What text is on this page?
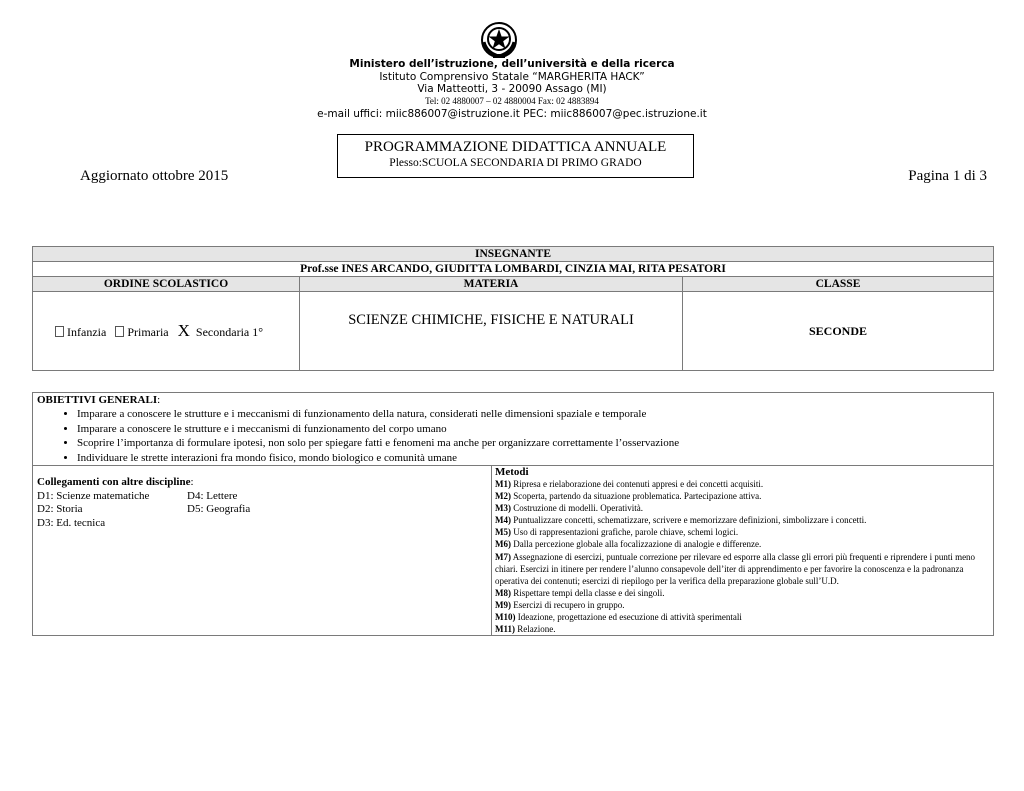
Ministero dell’istruzione, dell’università e della ricerca
Istituto Comprensivo Statale “MARGHERITA HACK”
Via Matteotti, 3 - 20090 Assago (MI)
Tel: 02 4880007 – 02 4880004 Fax: 02 4883894
e-mail uffici: miic886007@istruzione.it PEC: miic886007@pec.istruzione.it
PROGRAMMAZIONE DIDATTICA ANNUALE
Plesso:SCUOLA SECONDARIA DI PRIMO GRADO
Aggiornato ottobre 2015	Pagina 1 di 3
INSEGNANTE		
Prof.sse INES ARCANDO, GIUDITTA LOMBARDI, CINZIA MAI, RITA PESATORI		
ORDINE SCOLASTICO	MATERIA	CLASSE
Infanzia Primaria X Secondaria 1°	SCIENZE CHIMICHE, FISICHE E NATURALI	SECONDE
OBIETTIVI GENERALI:
• Imparare a conoscere le strutture e i meccanismi di funzionamento della natura, considerati nelle dimensioni spaziale e temporale
• Imparare a conoscere le strutture e i meccanismi di funzionamento del corpo umano
• Scoprire l’importanza di formulare ipotesi, non solo per spiegare fatti e fenomeni ma anche per organizzare correttamente l’osservazione
• Individuare le strette interazioni fra mondo fisico, mondo biologico e comunità umane

Collegamenti con altre discipline:
D1: Scienze matematiche	D4: Lettere
D2: Storia	D5: Geografia
D3: Ed. tecnica

Metodi
M1) Ripresa e rielaborazione dei contenuti appresi e dei concetti acquisiti.
M2) Scoperta, partendo da situazione problematica. Partecipazione attiva.
M3) Costruzione di modelli. Operatività.
M4) Puntualizzare concetti, schematizzare, scrivere e memorizzare definizioni, simbolizzare i concetti.
M5) Uso di rappresentazioni grafiche, parole chiave, schemi logici.
M6) Dalla percezione globale alla focalizzazione di analogie e differenze.
M7) Assegnazione di esercizi, puntuale correzione per rilevare ed esporre alla classe gli errori più frequenti e riprendere i punti meno chiari. Esercizi in itinere per rendere l’alunno consapevole dell’iter di apprendimento e per favorire la conoscenza e la padronanza operativa dei contenuti; esercizi di riepilogo per la verifica della preparazione globale sull’U.D.
M8) Rispettare tempi della classe e dei singoli.
M9) Esercizi di recupero in gruppo.
M10) Ideazione, progettazione ed esecuzione di attività sperimentali
M11) Relazione.
